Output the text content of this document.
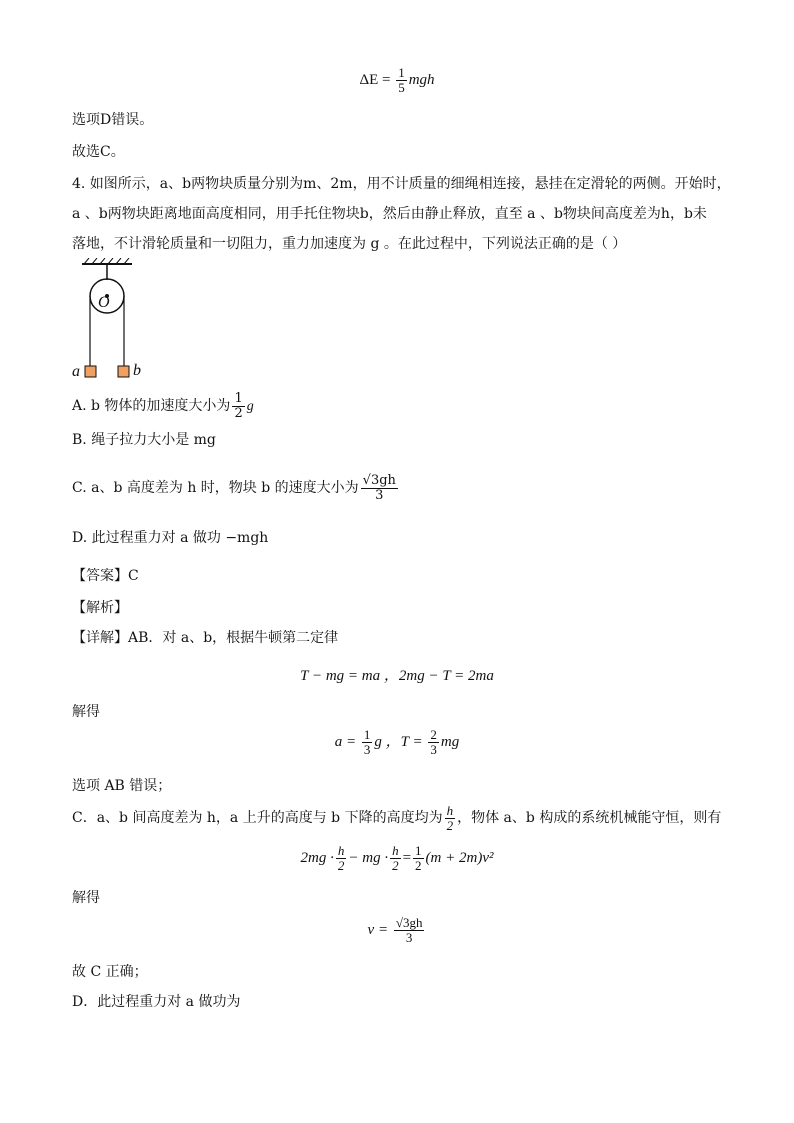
$\Delta E = \frac{1}{5}$ mgh
选项D错误。
故选C。
4. 如图所示，a、b两物块质量分别为m、2m，用不计质量的细绳相连接，悬挂在定滑轮的两侧。开始时，
a 、b两物块距离地面高度相同，用手托住物块b，然后由静止释放，直至 a 、b物块间高度差为h，b未
落地，不计滑轮质量和一切阻力，重力加速度为 g 。在此过程中，下列说法正确的是（ ）
O
a	b
A. b 物体的加速度大小为 $\frac{1}{2}$ g
B. 绳子拉力大小是 mg
C. a、b 高度差为 h 时，物块 b 的速度大小为 $\frac{√3gh}{3}$
D. 此过程重力对 a 做功 −mgh
【答案】C
【解析】
【详解】AB．对 a、b，根据牛顿第二定律
T − mg = ma ，2mg − T = 2ma
解得
$a = \frac{1}{3}$ g ，$T = \frac{2}{3}$ mg
选项 AB 错误；
C．a、b 间高度差为 h，a 上升的高度与 b 下降的高度均为 $\frac{h}{2}$ ，物体 a、b 构成的系统机械能守恒，则有
$2mg \cdot \frac{h}{2}$ − mg · $\frac{h}{2} = \frac{1}{2} (m + 2m)v^2$
解得
$v = \frac{√3gh}{3}$
故 C 正确；
D．此过程重力对 a 做功为
